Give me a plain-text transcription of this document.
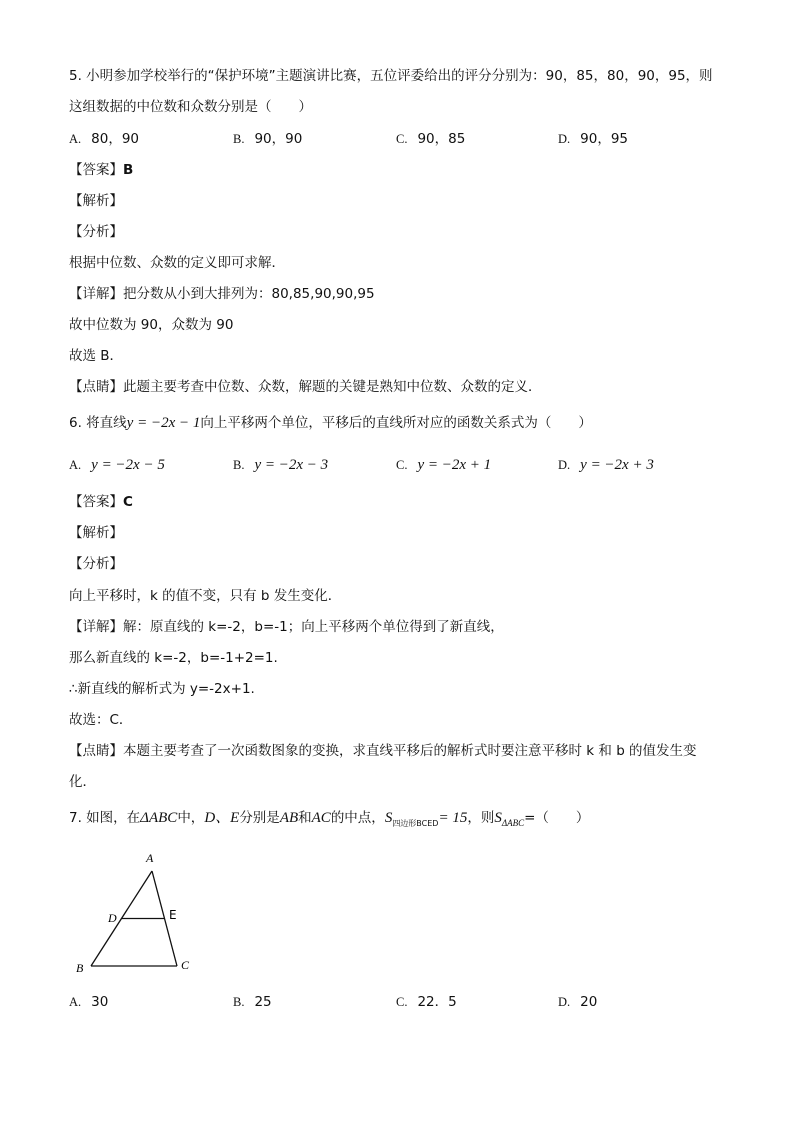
5. 小明参加学校举行的“保护环境”主题演讲比赛，五位评委给出的评分分别为：90，85，80，90，95，则
这组数据的中位数和众数分别是（　　）
A. 80，90	B. 90，90	C. 90，85	D. 90，95
【答案】B
【解析】
【分析】
根据中位数、众数的定义即可求解．
【详解】把分数从小到大排列为：80,85,90,90,95
故中位数为 90，众数为 90
故选 B．
【点睛】此题主要考查中位数、众数，解题的关键是熟知中位数、众数的定义．
6. 将直线y = −2x − 1向上平移两个单位，平移后的直线所对应的函数关系式为（　　）
A. y = −2x − 5	B. y = −2x − 3	C. y = −2x + 1	D. y = −2x + 3
【答案】C
【解析】
【分析】
向上平移时，k 的值不变，只有 b 发生变化．
【详解】解：原直线的 k=-2，b=-1；向上平移两个单位得到了新直线，
那么新直线的 k=-2，b=-1+2=1.
∴新直线的解析式为 y=-2x+1.
故选：C．
【点睛】本题主要考查了一次函数图象的变换，求直线平移后的解析式时要注意平移时 k 和 b 的值发生变
化．
7. 如图，在ΔABC中，D、E分别是AB和AC的中点，$S_{四边形BCED}= 15$，则$S_{\Delta ABC}=$（　　）
A
B	C
D	E
A. 30	B. 25	C. 22．5	D. 20
